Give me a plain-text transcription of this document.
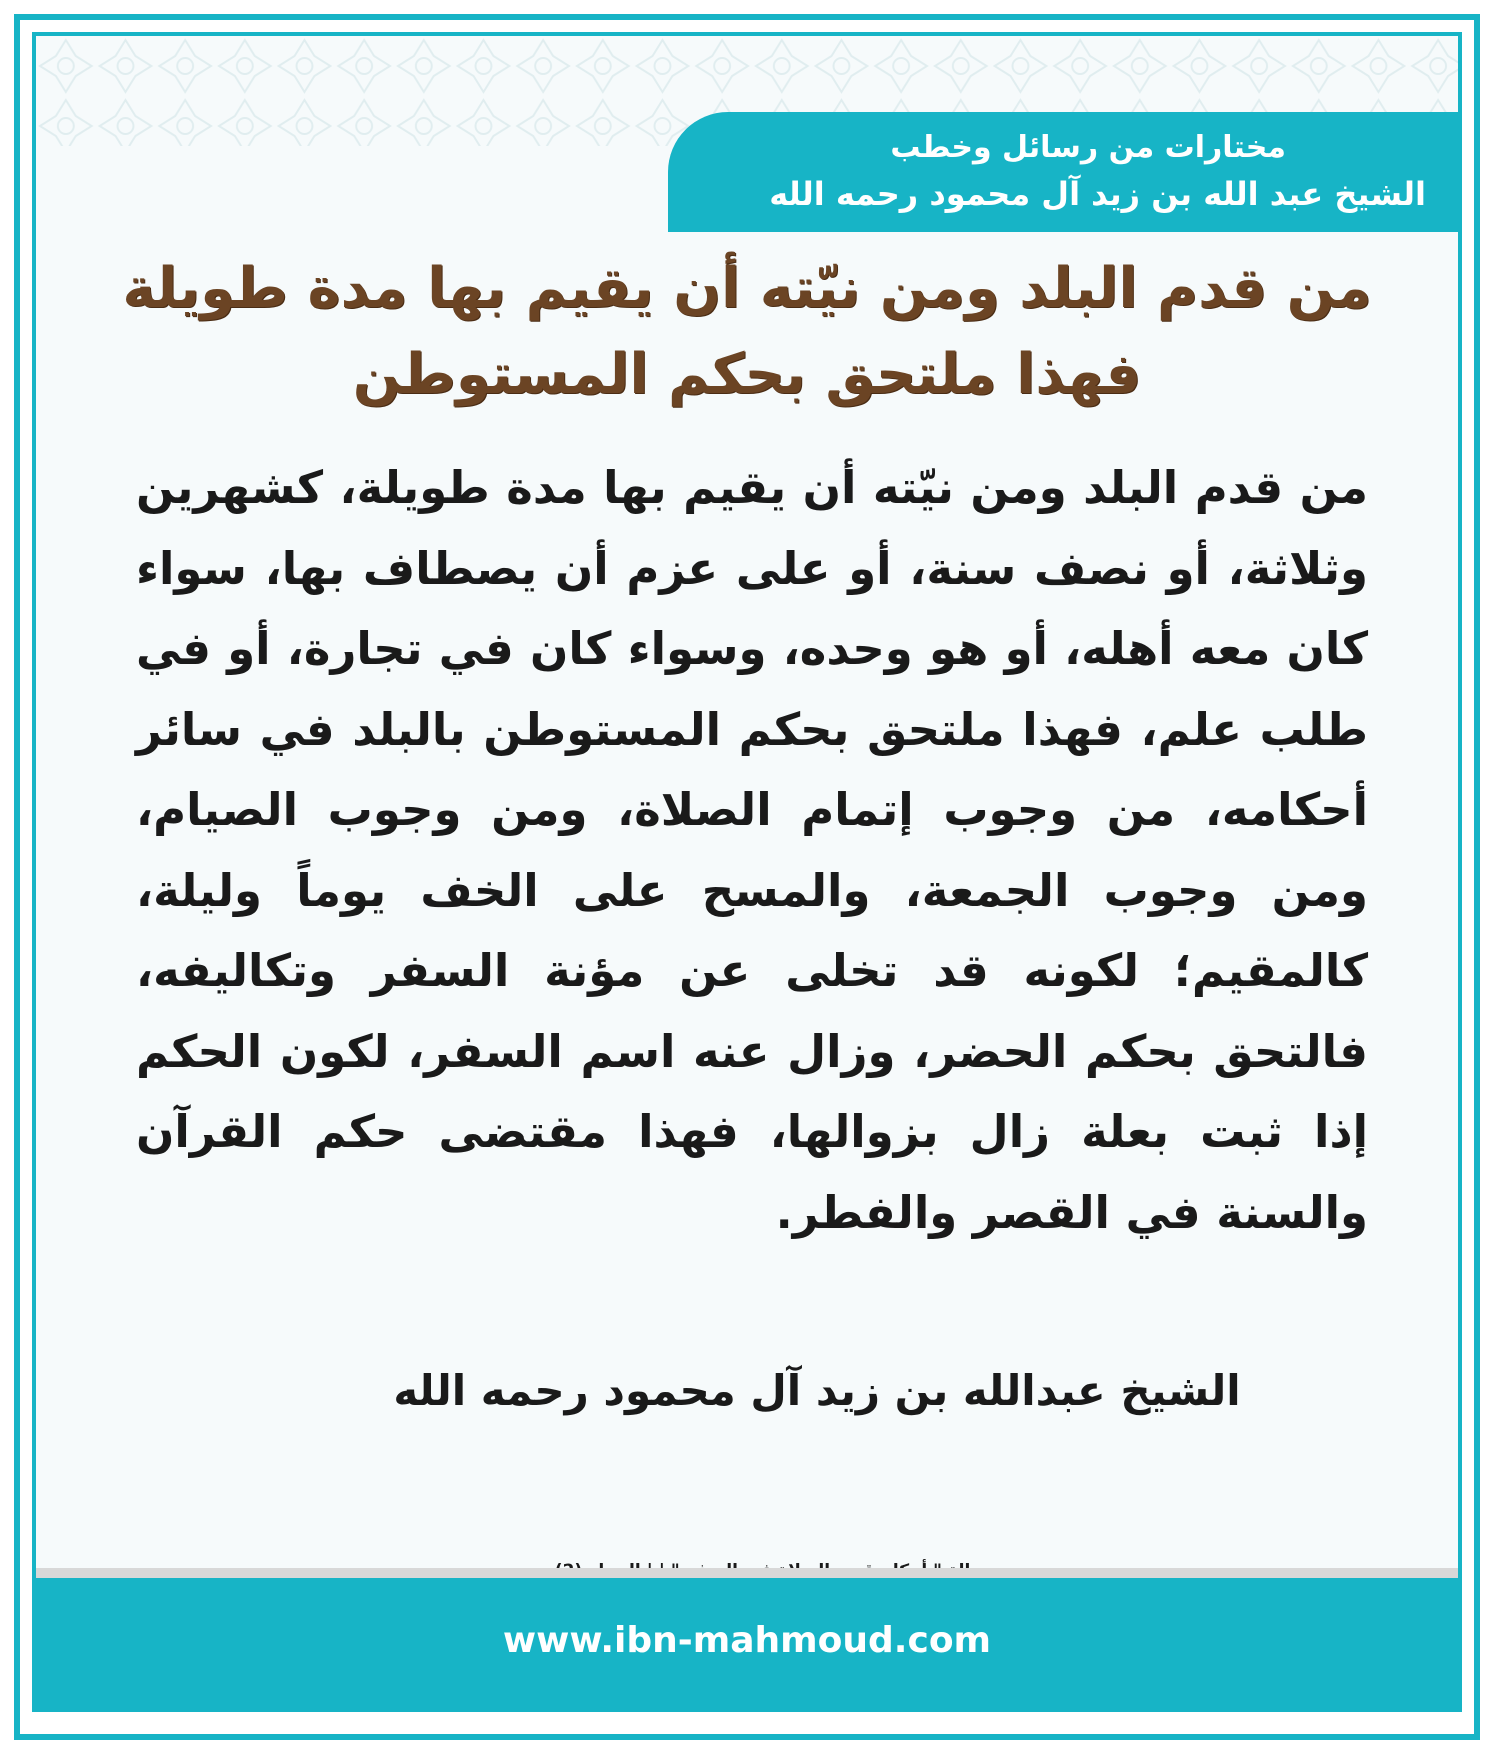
مختارات من رسائل وخطب
الشيخ عبد الله بن زيد آل محمود رحمه الله
من قدم البلد ومن نيّته أن يقيم بها مدة طويلة
فهذا ملتحق بحكم المستوطن
من قدم البلد ومن نيّته أن يقيم بها مدة طويلة، كشهرين وثلاثة، أو نصف سنة، أو على عزم أن يصطاف بها، سواء كان معه أهله، أو هو وحده، وسواء كان في تجارة، أو في طلب علم، فهذا ملتحق بحكم المستوطن بالبلد في سائر أحكامه، من وجوب إتمام الصلاة، ومن وجوب الصيام، ومن وجوب الجمعة، والمسح على الخف يوماً وليلة، كالمقيم؛ لكونه قد تخلى عن مؤنة السفر وتكاليفه، فالتحق بحكم الحضر، وزال عنه اسم السفر، لكون الحكم إذا ثبت بعلة زال بزوالها، فهذا مقتضى حكم القرآن والسنة في القصر والفطر.
الشيخ عبدالله بن زيد آل محمود رحمه الله
www.ibn-mahmoud.com
